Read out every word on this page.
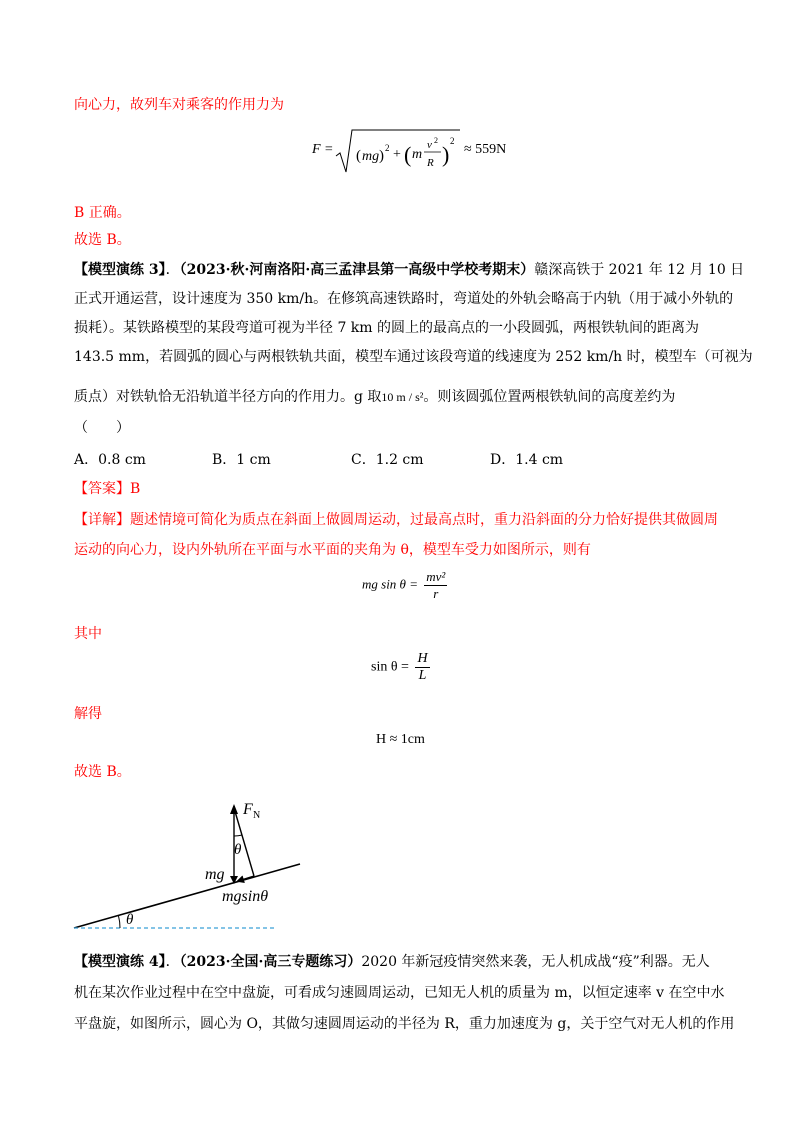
向心力，故列车对乘客的作用力为
F = ( mg ) 2 + ( m
v 2
R )
2
≈ 559N
B 正确。
故选 B。
【模型演练 3】．（2023·秋·河南洛阳·高三孟津县第一高级中学校考期末）赣深高铁于 2021 年 12 月 10 日
正式开通运营，设计速度为 350 km/h。在修筑高速铁路时，弯道处的外轨会略高于内轨（用于减小外轨的
损耗）。某铁路模型的某段弯道可视为半径 7 km 的圆上的最高点的一小段圆弧，两根铁轨间的距离为
143.5 mm，若圆弧的圆心与两根铁轨共面，模型车通过该段弯道的线速度为 252 km/h 时，模型车（可视为
质点）对铁轨恰无沿轨道半径方向的作用力。g 取10 m / s²。则该圆弧位置两根铁轨间的高度差约为
（　　）
A．0.8 cm	B．1 cm	C．1.2 cm	D．1.4 cm
【答案】B
【详解】题述情境可简化为质点在斜面上做圆周运动，过最高点时，重力沿斜面的分力恰好提供其做圆周
运动的向心力，设内外轨所在平面与水平面的夹角为 θ，模型车受力如图所示，则有
mg $\sin \theta = \frac{\text{mv²}}{r}$
其中
$\sin \theta = \frac{H}{L}$
解得
H ≈ 1cm
故选 B。
F N
θ
mg
mgsinθ
θ
【模型演练 4】．（2023·全国·高三专题练习）2020 年新冠疫情突然来袭，无人机成战“疫”利器。无人
机在某次作业过程中在空中盘旋，可看成匀速圆周运动，已知无人机的质量为 m，以恒定速率 v 在空中水
平盘旋，如图所示，圆心为 O，其做匀速圆周运动的半径为 R，重力加速度为 g，关于空气对无人机的作用
